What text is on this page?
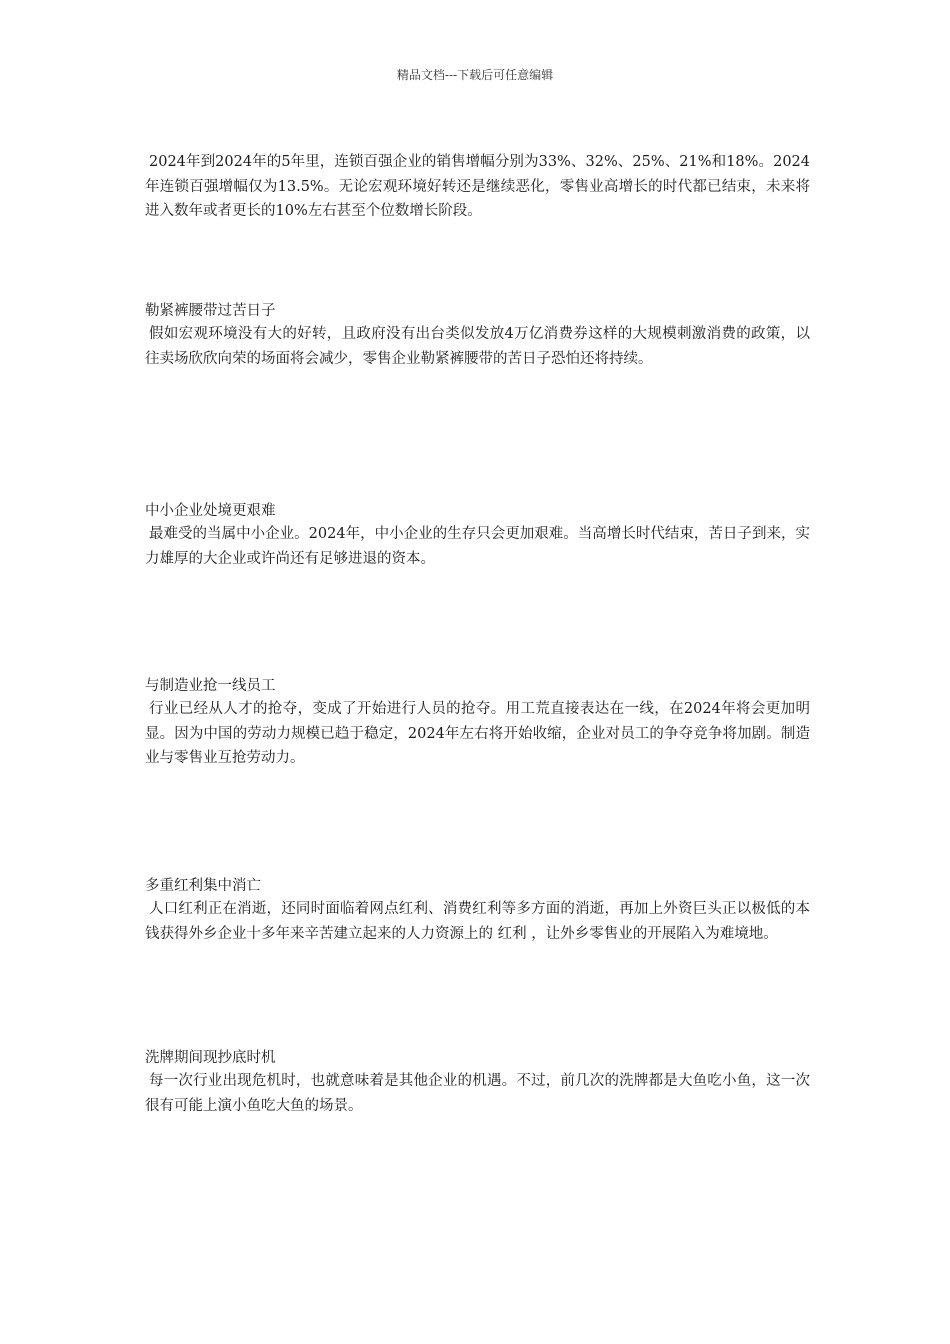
精品文档---下载后可任意编辑

2024年到2024年的5年里，连锁百强企业的销售增幅分别为33%、32%、25%、21%和18%。2024年连锁百强增幅仅为13.5%。无论宏观环境好转还是继续恶化，零售业高增长的时代都已结束，未来将进入数年或者更长的10%左右甚至个位数增长阶段。

勒紧裤腰带过苦日子

假如宏观环境没有大的好转，且政府没有出台类似发放4万亿消费券这样的大规模刺激消费的政策，以往卖场欣欣向荣的场面将会减少，零售企业勒紧裤腰带的苦日子恐怕还将持续。

中小企业处境更艰难

最难受的当属中小企业。2024年，中小企业的生存只会更加艰难。当高增长时代结束，苦日子到来，实力雄厚的大企业或许尚还有足够进退的资本。

与制造业抢一线员工

行业已经从人才的抢夺，变成了开始进行人员的抢夺。用工荒直接表达在一线，在2024年将会更加明显。因为中国的劳动力规模已趋于稳定，2024年左右将开始收缩，企业对员工的争夺竞争将加剧。制造业与零售业互抢劳动力。

多重红利集中消亡

人口红利正在消逝，还同时面临着网点红利、消费红利等多方面的消逝，再加上外资巨头正以极低的本钱获得外乡企业十多年来辛苦建立起来的人力资源上的 红利 ，让外乡零售业的开展陷入为难境地。

洗牌期间现抄底时机

每一次行业出现危机时，也就意味着是其他企业的机遇。不过，前几次的洗牌都是大鱼吃小鱼，这一次很有可能上演小鱼吃大鱼的场景。
